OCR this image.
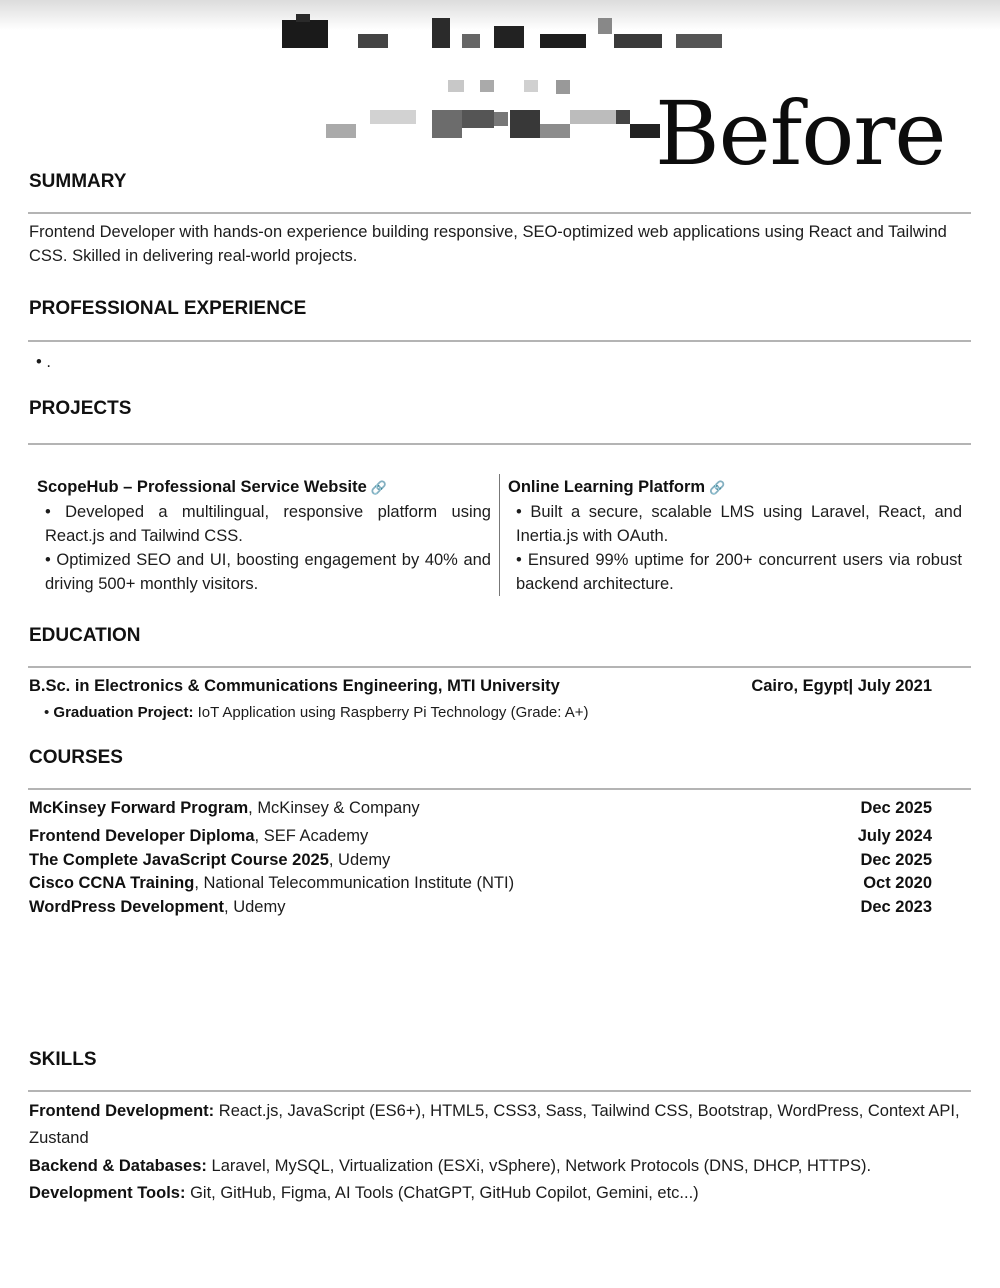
Before
SUMMARY

Frontend Developer with hands-on experience building responsive, SEO-optimized web applications using React and Tailwind CSS. Skilled in delivering real-world projects.

PROFESSIONAL EXPERIENCE
• .
PROJECTS
ScopeHub – Professional Service Website 🔗
• Developed a multilingual, responsive platform using React.js and Tailwind CSS.
• Optimized SEO and UI, boosting engagement by 40% and driving 500+ monthly visitors.
Online Learning Platform 🔗
• Built a secure, scalable LMS using Laravel, React, and Inertia.js with OAuth.
• Ensured 99% uptime for 200+ concurrent users via robust backend architecture.
EDUCATION
B.Sc. in Electronics & Communications Engineering, MTI University	Cairo, Egypt| July 2021
• Graduation Project: IoT Application using Raspberry Pi Technology (Grade: A+)
COURSES
McKinsey Forward Program, McKinsey & Company	Dec 2025
Frontend Developer Diploma, SEF Academy	July 2024
The Complete JavaScript Course 2025, Udemy	Dec 2025
Cisco CCNA Training, National Telecommunication Institute (NTI)	Oct 2020
WordPress Development, Udemy	Dec 2023
SKILLS

Frontend Development: React.js, JavaScript (ES6+), HTML5, CSS3, Sass, Tailwind CSS, Bootstrap, WordPress, Context API, Zustand

Backend & Databases: Laravel, MySQL, Virtualization (ESXi, vSphere), Network Protocols (DNS, DHCP, HTTPS).

Development Tools: Git, GitHub, Figma, AI Tools (ChatGPT, GitHub Copilot, Gemini, etc...)
